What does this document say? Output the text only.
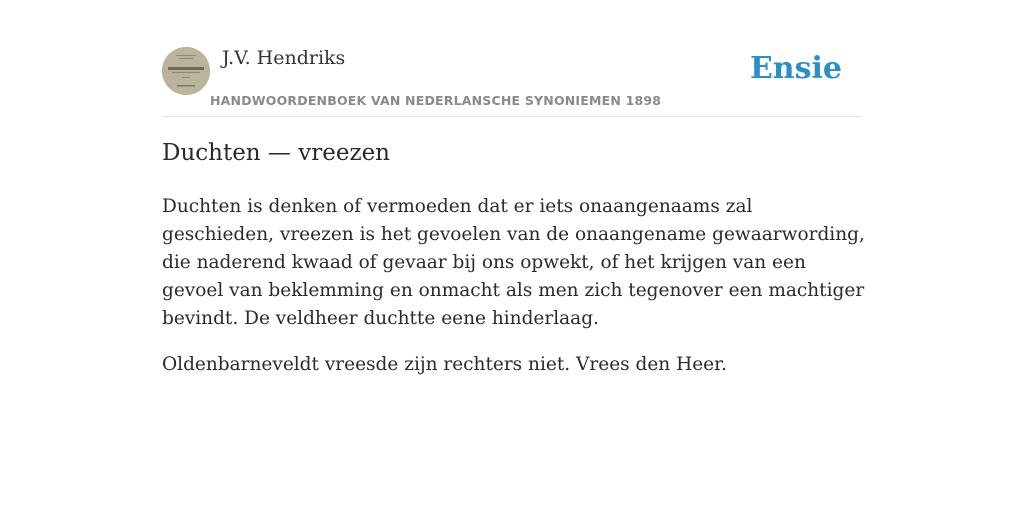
J.V. Hendriks
HANDWOORDENBOEK VAN NEDERLANSCHE SYNONIEMEN 1898
Ensie
Duchten — vreezen

Duchten is denken of vermoeden dat er iets onaangenaams zal geschieden, vreezen is het gevoelen van de onaangename gewaarwording, die naderend kwaad of gevaar bij ons opwekt, of het krijgen van een gevoel van beklemming en onmacht als men zich tegenover een machtiger bevindt. De veldheer duchtte eene hinderlaag.

Oldenbarneveldt vreesde zijn rechters niet. Vrees den Heer.
